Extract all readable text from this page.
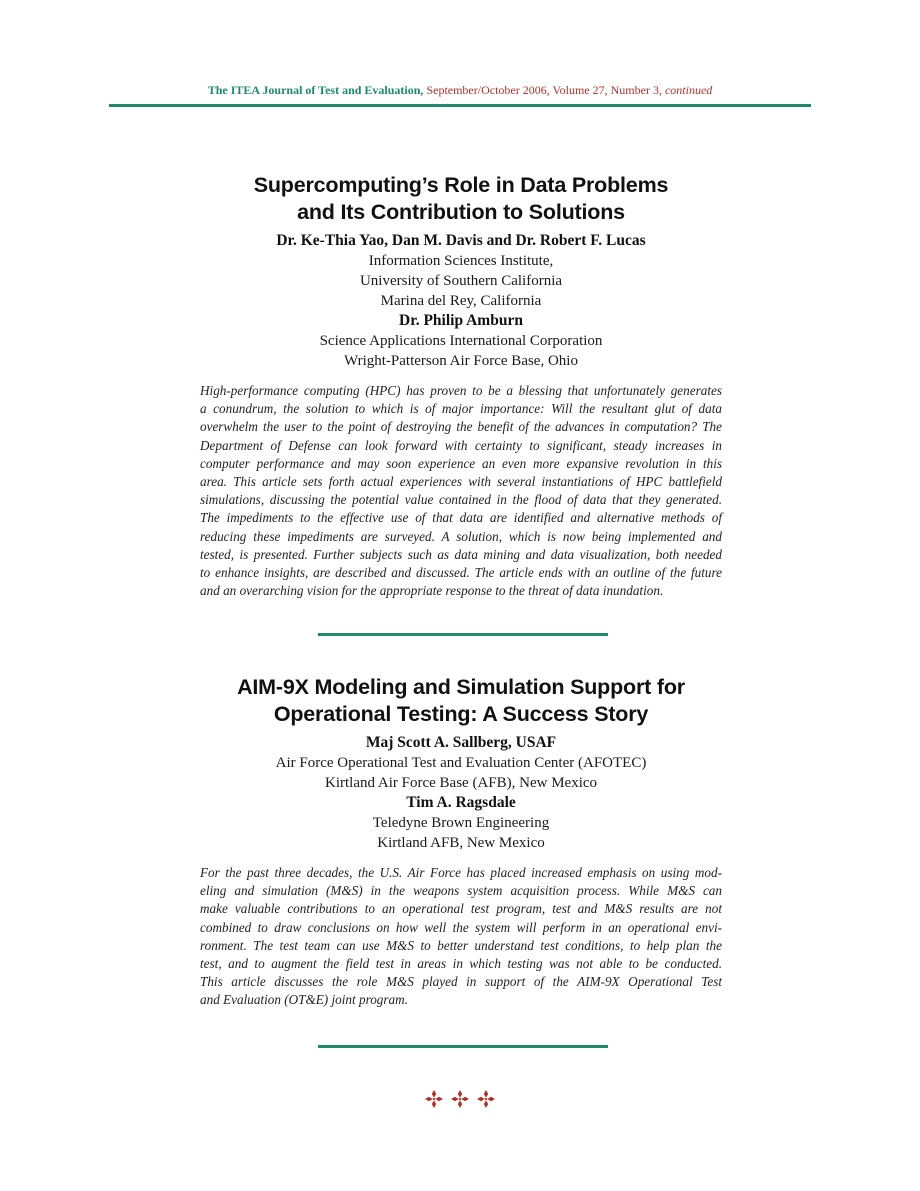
The ITEA Journal of Test and Evaluation, September/October 2006, Volume 27, Number 3, continued
Supercomputing’s Role in Data Problems
and Its Contribution to Solutions
Dr. Ke-Thia Yao, Dan M. Davis and Dr. Robert F. Lucas
Information Sciences Institute,
University of Southern California
Marina del Rey, California
Dr. Philip Amburn
Science Applications International Corporation
Wright-Patterson Air Force Base, Ohio
High-performance computing (HPC) has proven to be a blessing that unfortunately generates
a conundrum, the solution to which is of major importance: Will the resultant glut of data
overwhelm the user to the point of destroying the benefit of the advances in computation? The
Department of Defense can look forward with certainty to significant, steady increases in
computer performance and may soon experience an even more expansive revolution in this
area. This article sets forth actual experiences with several instantiations of HPC battlefield
simulations, discussing the potential value contained in the flood of data that they generated.
The impediments to the effective use of that data are identified and alternative methods of
reducing these impediments are surveyed. A solution, which is now being implemented and
tested, is presented. Further subjects such as data mining and data visualization, both needed
to enhance insights, are described and discussed. The article ends with an outline of the future
and an overarching vision for the appropriate response to the threat of data inundation.
AIM-9X Modeling and Simulation Support for
Operational Testing: A Success Story
Maj Scott A. Sallberg, USAF
Air Force Operational Test and Evaluation Center (AFOTEC)
Kirtland Air Force Base (AFB), New Mexico
Tim A. Ragsdale
Teledyne Brown Engineering
Kirtland AFB, New Mexico
For the past three decades, the U.S. Air Force has placed increased emphasis on using mod-
eling and simulation (M&S) in the weapons system acquisition process. While M&S can
make valuable contributions to an operational test program, test and M&S results are not
combined to draw conclusions on how well the system will perform in an operational envi-
ronment. The test team can use M&S to better understand test conditions, to help plan the
test, and to augment the field test in areas in which testing was not able to be conducted.
This article discusses the role M&S played in support of the AIM-9X Operational Test
and Evaluation (OT&E) joint program.
